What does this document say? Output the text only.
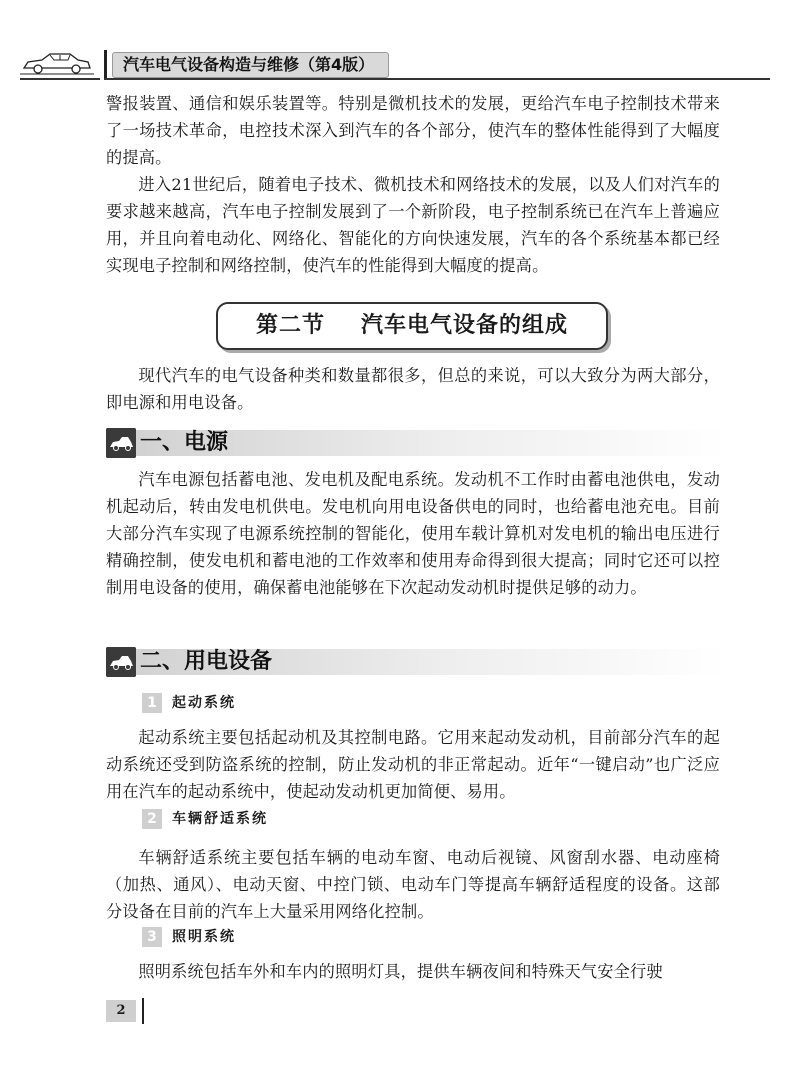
汽车电气设备构造与维修（第4版）

警报装置、通信和娱乐装置等。特别是微机技术的发展，更给汽车电子控制技术带来了一场技术革命，电控技术深入到汽车的各个部分，使汽车的整体性能得到了大幅度的提高。

进入21世纪后，随着电子技术、微机技术和网络技术的发展，以及人们对汽车的要求越来越高，汽车电子控制发展到了一个新阶段，电子控制系统已在汽车上普遍应用，并且向着电动化、网络化、智能化的方向快速发展，汽车的各个系统基本都已经实现电子控制和网络控制，使汽车的性能得到大幅度的提高。

第二节 汽车电气设备的组成

现代汽车的电气设备种类和数量都很多，但总的来说，可以大致分为两大部分，即电源和用电设备。

一、电源

汽车电源包括蓄电池、发电机及配电系统。发动机不工作时由蓄电池供电，发动机起动后，转由发电机供电。发电机向用电设备供电的同时，也给蓄电池充电。目前大部分汽车实现了电源系统控制的智能化，使用车载计算机对发电机的输出电压进行精确控制，使发电机和蓄电池的工作效率和使用寿命得到很大提高；同时它还可以控制用电设备的使用，确保蓄电池能够在下次起动发动机时提供足够的动力。

二、用电设备
1	起动系统

起动系统主要包括起动机及其控制电路。它用来起动发动机，目前部分汽车的起动系统还受到防盗系统的控制，防止发动机的非正常起动。近年“一键启动”也广泛应用在汽车的起动系统中，使起动发动机更加简便、易用。

2	车辆舒适系统

车辆舒适系统主要包括车辆的电动车窗、电动后视镜、风窗刮水器、电动座椅（加热、通风）、电动天窗、中控门锁、电动车门等提高车辆舒适程度的设备。这部分设备在目前的汽车上大量采用网络化控制。

3	照明系统

照明系统包括车外和车内的照明灯具，提供车辆夜间和特殊天气安全行驶

2
